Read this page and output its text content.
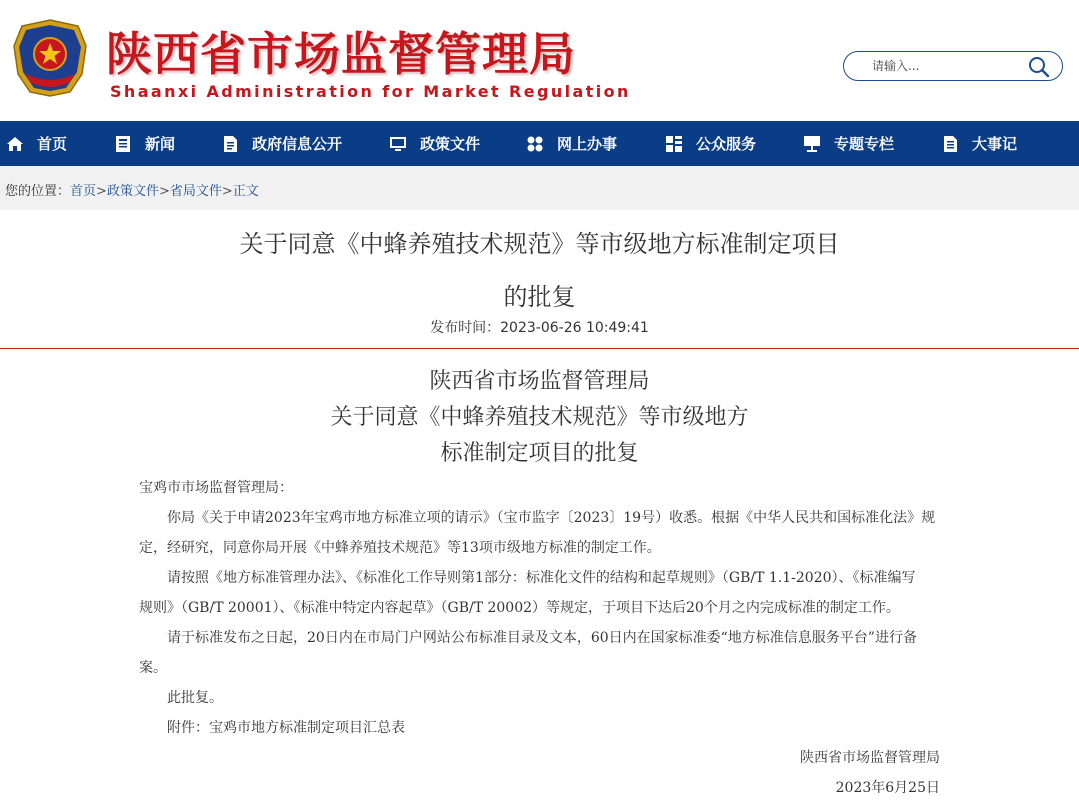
陕西省市场监督管理局
Shaanxi Administration for Market Regulation
请输入...
首页	新闻	政府信息公开	政策文件	网上办事	公众服务	专题专栏	大事记
您的位置：首页>政策文件>省局文件>正文
关于同意《中蜂养殖技术规范》等市级地方标准制定项目
的批复
发布时间：2023-06-26 10:49:41
陕西省市场监督管理局
关于同意《中蜂养殖技术规范》等市级地方
标准制定项目的批复
宝鸡市市场监督管理局：
你局《关于申请2023年宝鸡市地方标准立项的请示》（宝市监字〔2023〕19号）收悉。根据《中华人民共和国标准化法》规
定，经研究，同意你局开展《中蜂养殖技术规范》等13项市级地方标准的制定工作。
请按照《地方标准管理办法》、《标准化工作导则第1部分：标准化文件的结构和起草规则》（GB/T 1.1-2020）、《标准编写
规则》（GB/T 20001）、《标准中特定内容起草》（GB/T 20002）等规定，于项目下达后20个月之内完成标准的制定工作。
请于标准发布之日起，20日内在市局门户网站公布标准目录及文本，60日内在国家标准委“地方标准信息服务平台”进行备
案。
此批复。
附件：宝鸡市地方标准制定项目汇总表
陕西省市场监督管理局
2023年6月25日
